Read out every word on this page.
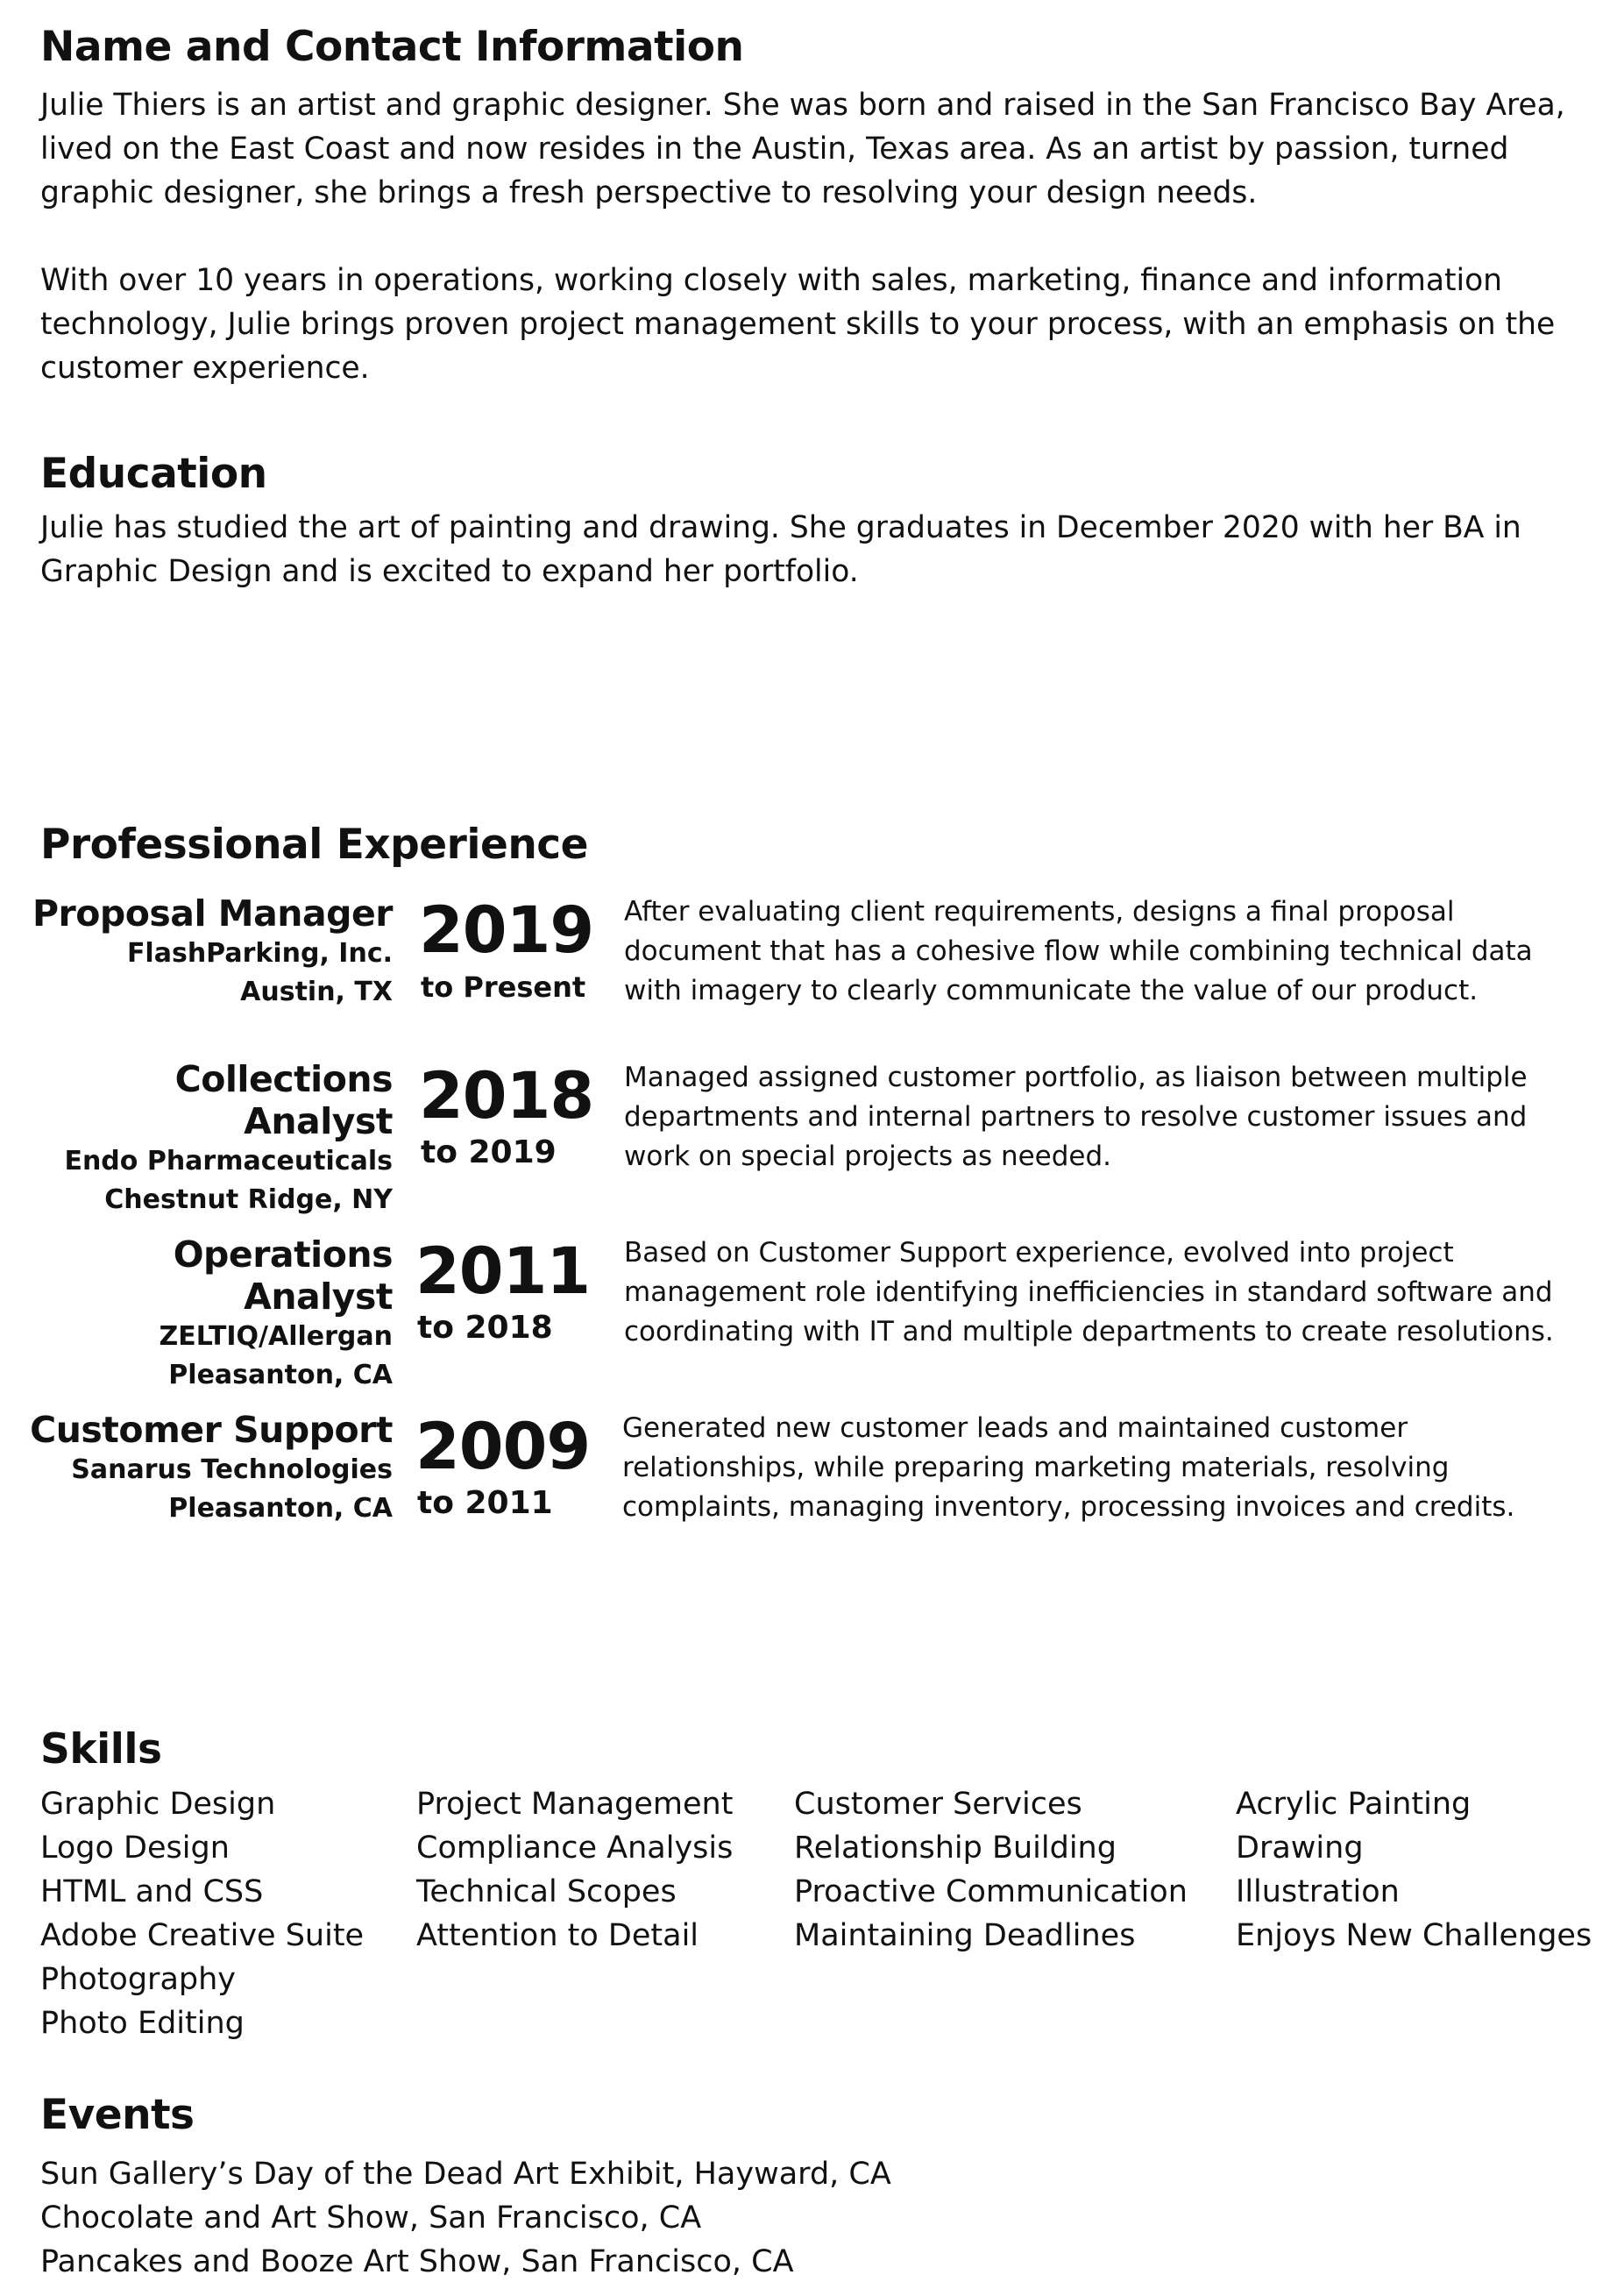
Name and Contact Information

Julie Thiers is an artist and graphic designer. She was born and raised in the San Francisco Bay Area, lived on the East Coast and now resides in the Austin, Texas area. As an artist by passion, turned graphic designer, she brings a fresh perspective to resolving your design needs.

With over 10 years in operations, working closely with sales, marketing, finance and information technology, Julie brings proven project management skills to your process, with an emphasis on the customer experience.

Education

Julie has studied the art of painting and drawing. She graduates in December 2020 with her BA in Graphic Design and is excited to expand her portfolio.

Professional Experience
Proposal Manager
FlashParking, Inc.
Austin, TX
2019
to Present

After evaluating client requirements, designs a final proposal document that has a cohesive flow while combining technical data with imagery to clearly communicate the value of our product.

Collections Analyst
Endo Pharmaceuticals
Chestnut Ridge, NY
2018
to 2019

Managed assigned customer portfolio, as liaison between multiple departments and internal partners to resolve customer issues and work on special projects as needed.

Operations Analyst
ZELTIQ/Allergan
Pleasanton, CA
2011
to 2018

Based on Customer Support experience, evolved into project management role identifying inefficiencies in standard software and coordinating with IT and multiple departments to create resolutions.

Customer Support
Sanarus Technologies
Pleasanton, CA
2009
to 2011

Generated new customer leads and maintained customer relationships, while preparing marketing materials, resolving complaints, managing inventory, processing invoices and credits.

Skills
Graphic Design
Logo Design
HTML and CSS
Adobe Creative Suite
Photography
Photo Editing
Project Management
Compliance Analysis
Technical Scopes
Attention to Detail
Customer Services
Relationship Building
Proactive Communication
Maintaining Deadlines
Acrylic Painting
Drawing
Illustration
Enjoys New Challenges
Events
Sun Gallery’s Day of the Dead Art Exhibit, Hayward, CA
Chocolate and Art Show, San Francisco, CA
Pancakes and Booze Art Show, San Francisco, CA
